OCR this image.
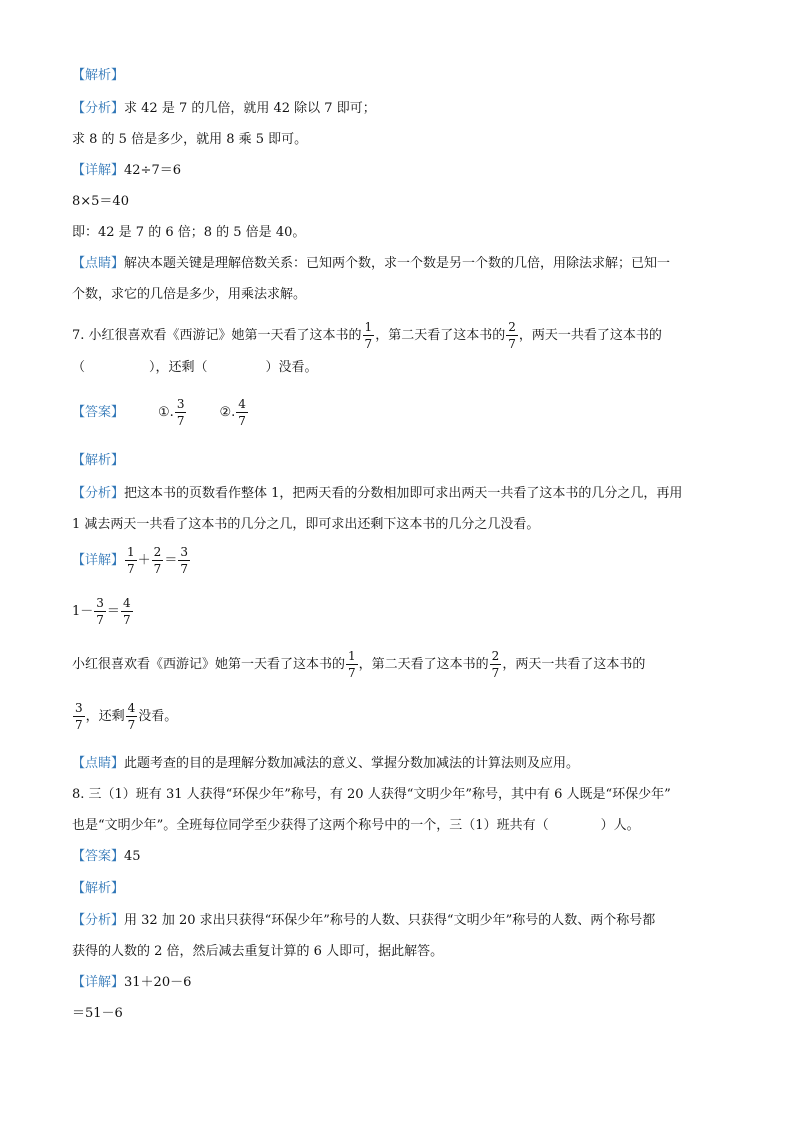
【解析】
【分析】求 42 是 7 的几倍，就用 42 除以 7 即可；
求 8 的 5 倍是多少，就用 8 乘 5 即可。
【详解】42÷7＝6
8×5＝40
即：42 是 7 的 6 倍；8 的 5 倍是 40。
【点睛】解决本题关键是理解倍数关系：已知两个数，求一个数是另一个数的几倍，用除法求解；已知一
个数，求它的几倍是多少，用乘法求解。
7. 小红很喜欢看《西游记》她第一天看了这本书的 $\frac{1}{7}$ ，第二天看了这本书的 $\frac{2}{7}$ ，两天一共看了这本书的
（	），还剩（	）没看。
【答案】	①. $\frac{3}{7}$	②. $\frac{4}{7}$
【解析】
【分析】把这本书的页数看作整体 1，把两天看的分数相加即可求出两天一共看了这本书的几分之几，再用
1 减去两天一共看了这本书的几分之几，即可求出还剩下这本书的几分之几没看。
【详解】 $\frac{1}{7} + \frac{2}{7} = \frac{3}{7}$
$1- \frac{3}{7} = \frac{4}{7}$
小红很喜欢看《西游记》她第一天看了这本书的 $\frac{1}{7}$ ，第二天看了这本书的 $\frac{2}{7}$ ，两天一共看了这本书的
$\frac{3}{7}$ ，还剩 $\frac{4}{7}$ 没看。
【点睛】此题考查的目的是理解分数加减法的意义、掌握分数加减法的计算法则及应用。
8. 三（1）班有 31 人获得“环保少年”称号，有 20 人获得“文明少年”称号，其中有 6 人既是“环保少年”
也是“文明少年”。全班每位同学至少获得了这两个称号中的一个，三（1）班共有（　　　　）人。
【答案】45
【解析】
【分析】用 32 加 20 求出只获得“环保少年”称号的人数、只获得“文明少年”称号的人数、两个称号都
获得的人数的 2 倍，然后减去重复计算的 6 人即可，据此解答。
【详解】31＋20－6
＝51－6
